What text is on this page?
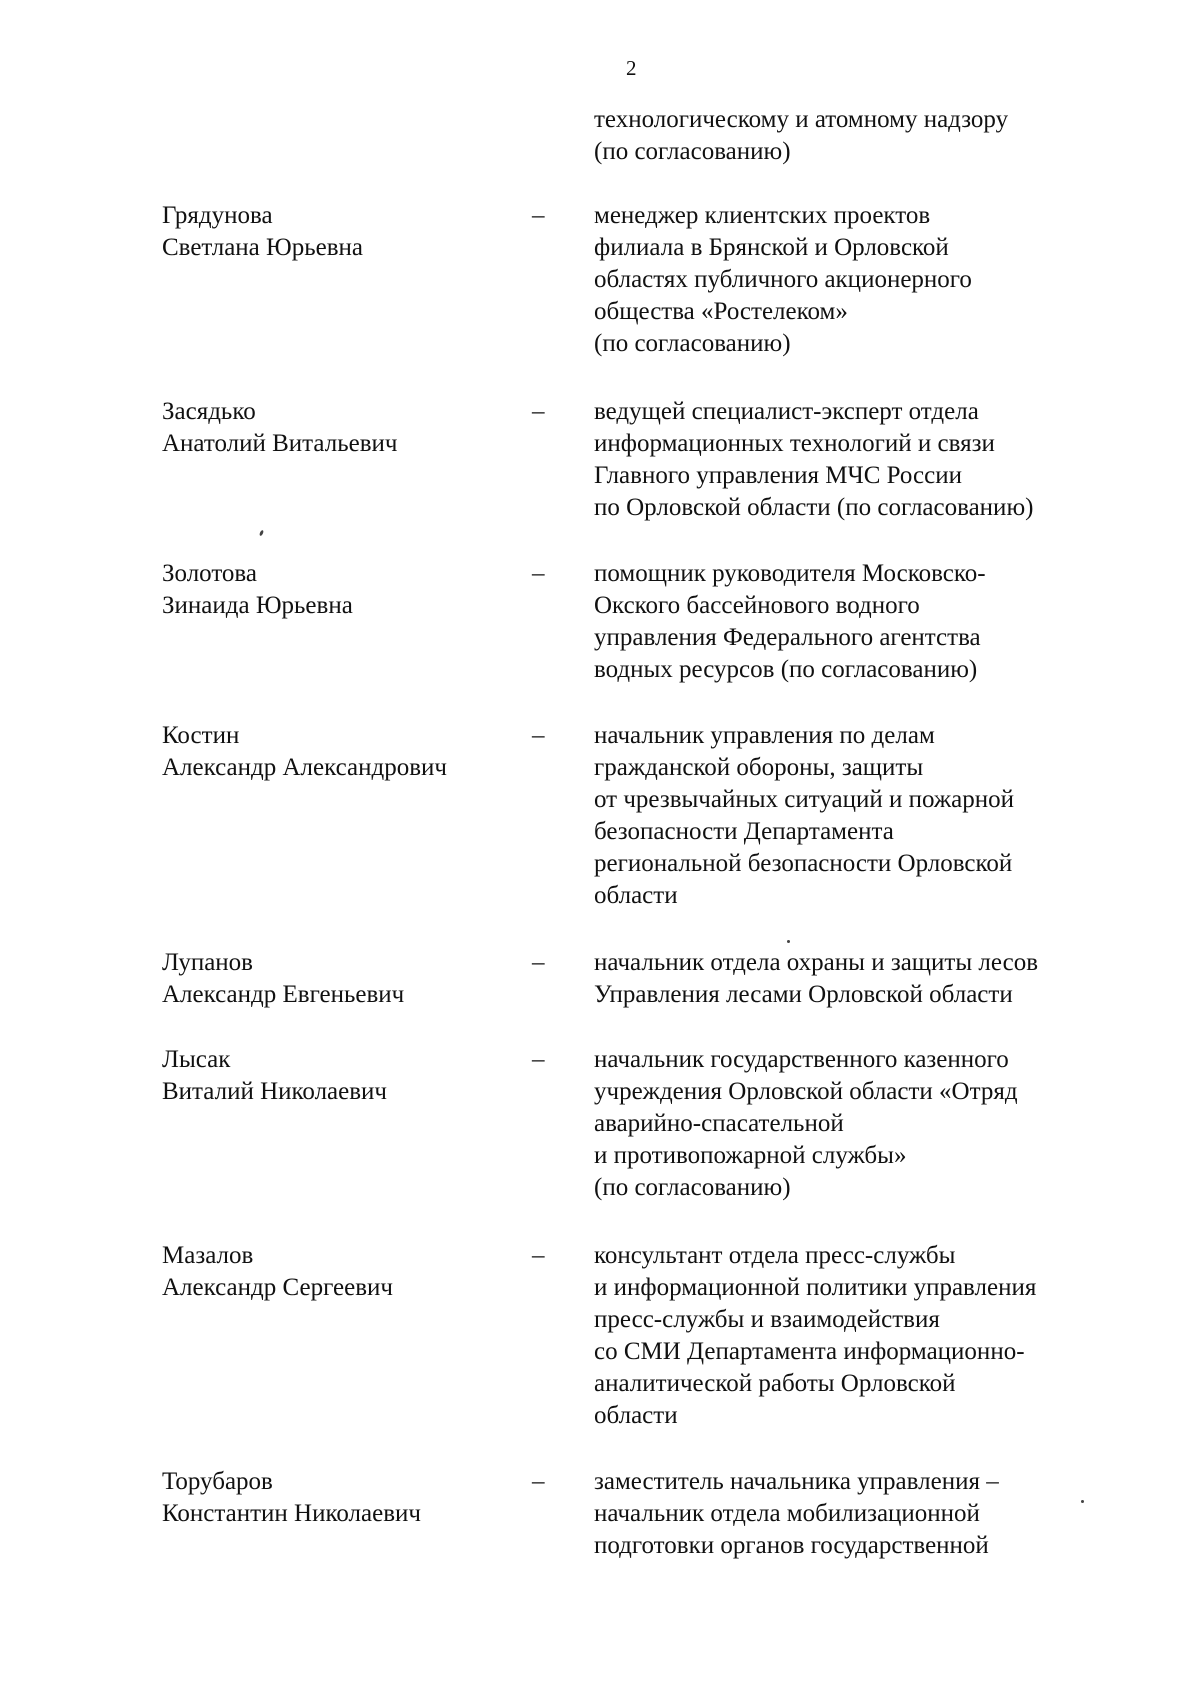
2
технологическому и атомному надзору
(по согласованию)
Грядунова
Светлана Юрьевна
– менеджер клиентских проектов
филиала в Брянской и Орловской
областях публичного акционерного
общества «Ростелеком»
(по согласованию)
Засядько
Анатолий Витальевич
– ведущей специалист-эксперт отдела
информационных технологий и связи
Главного управления МЧС России
по Орловской области (по согласованию)
Золотова
Зинаида Юрьевна
– помощник руководителя Московско-
Окского бассейнового водного
управления Федерального агентства
водных ресурсов (по согласованию)
Костин
Александр Александрович
– начальник управления по делам
гражданской обороны, защиты
от чрезвычайных ситуаций и пожарной
безопасности Департамента
региональной безопасности Орловской
области
Лупанов
Александр Евгеньевич
– начальник отдела охраны и защиты лесов
Управления лесами Орловской области
Лысак
Виталий Николаевич
– начальник государственного казенного
учреждения Орловской области «Отряд
аварийно-спасательной
и противопожарной службы»
(по согласованию)
Мазалов
Александр Сергеевич
– консультант отдела пресс-службы
и информационной политики управления
пресс-службы и взаимодействия
со СМИ Департамента информационно-
аналитической работы Орловской
области
Торубаров
Константин Николаевич
– заместитель начальника управления –
начальник отдела мобилизационной
подготовки органов государственной
